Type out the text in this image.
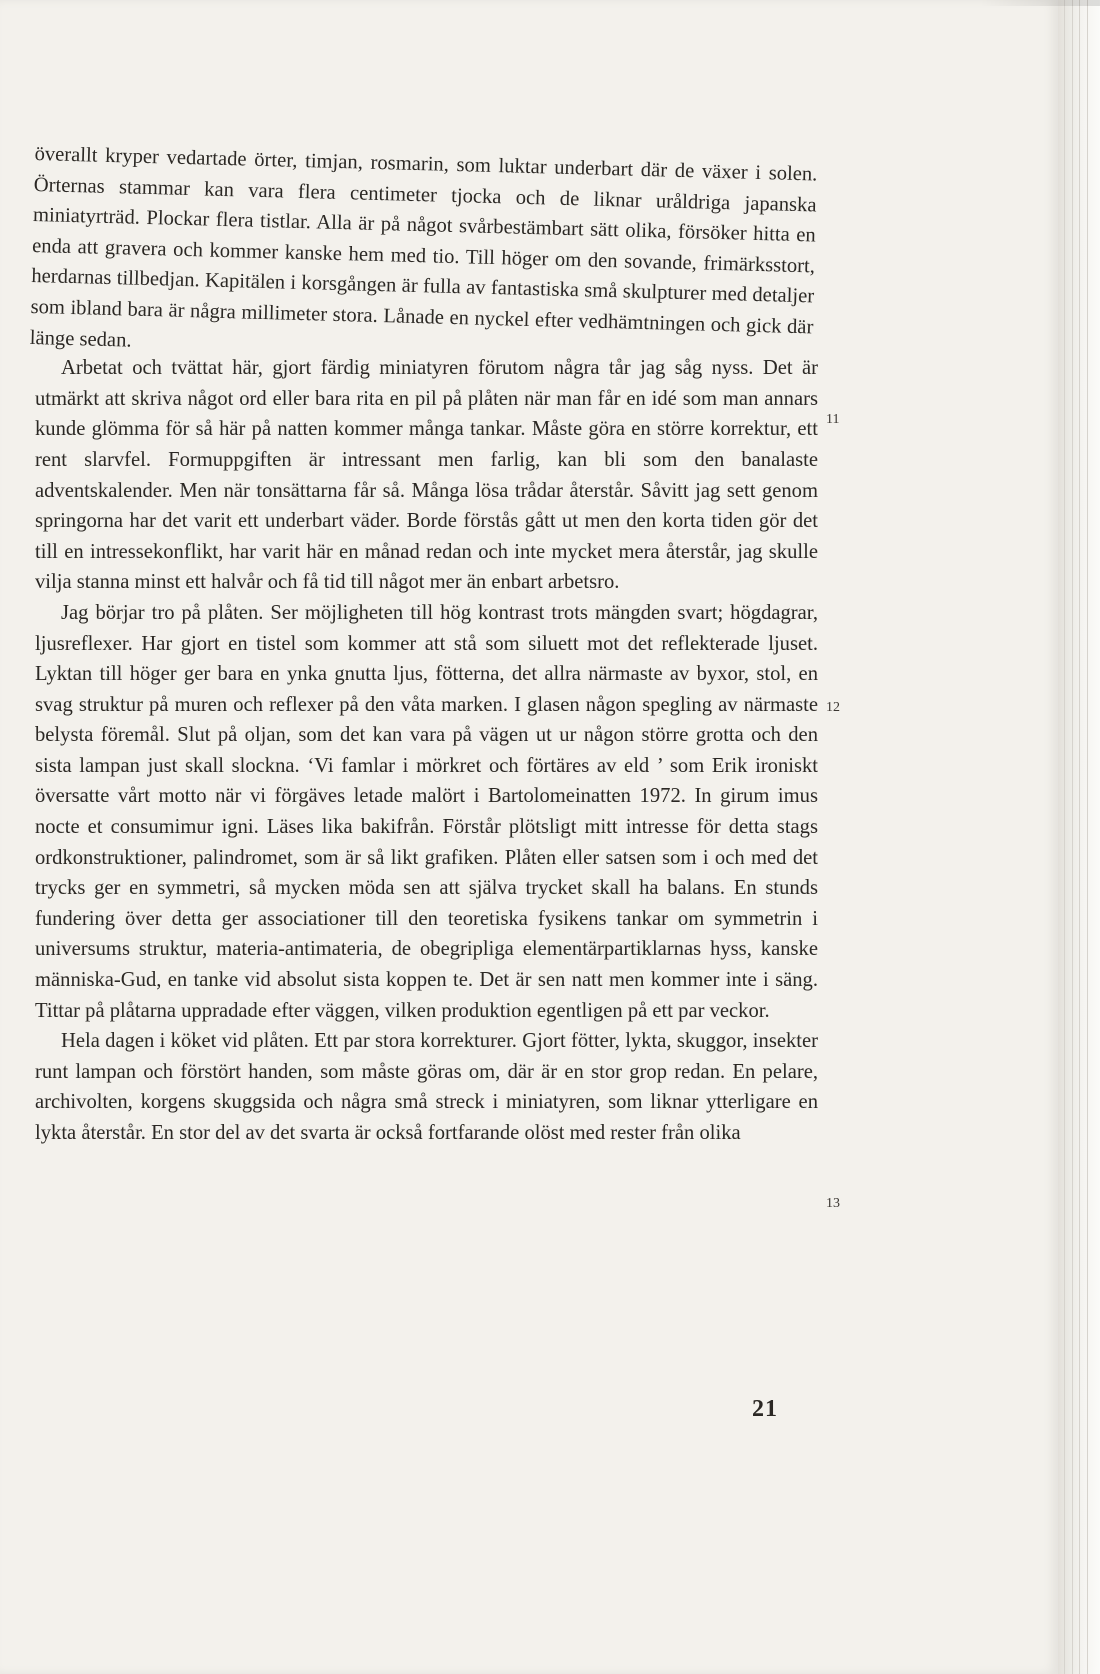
överallt kryper vedartade örter, timjan, rosmarin, som luktar underbart där de växer i solen. Örternas stammar kan vara flera centimeter tjocka och de liknar uråldriga japanska miniatyrträd. Plockar flera tistlar. Alla är på något svårbestämbart sätt olika, försöker hitta en enda att gravera och kommer kanske hem med tio. Till höger om den sovande, frimärksstort, herdarnas tillbedjan. Kapitälen i korsgången är fulla av fantastiska små skulpturer med detaljer som ibland bara är några millimeter stora. Lånade en nyckel efter vedhämtningen och gick där länge sedan.

Arbetat och tvättat här, gjort färdig miniatyren förutom några tår jag såg nyss. Det är utmärkt att skriva något ord eller bara rita en pil på plåten när man får en idé som man annars kunde glömma för så här på natten kommer många tankar. Måste göra en större korrektur, ett rent slarvfel. Formuppgiften är intressant men farlig, kan bli som den banalaste adventskalender. Men när tonsättarna får så. Många lösa trådar återstår. Såvitt jag sett genom springorna har det varit ett underbart väder. Borde förstås gått ut men den korta tiden gör det till en intressekonflikt, har varit här en månad redan och inte mycket mera återstår, jag skulle vilja stanna minst ett halvår och få tid till något mer än enbart arbetsro.

Jag börjar tro på plåten. Ser möjligheten till hög kontrast trots mängden svart; högdagrar, ljusreflexer. Har gjort en tistel som kommer att stå som siluett mot det reflekterade ljuset. Lyktan till höger ger bara en ynka gnutta ljus, fötterna, det allra närmaste av byxor, stol, en svag struktur på muren och reflexer på den våta marken. I glasen någon spegling av närmaste belysta föremål. Slut på oljan, som det kan vara på vägen ut ur någon större grotta och den sista lampan just skall slockna. ‘Vi famlar i mörkret och förtäres av eld ’ som Erik ironiskt översatte vårt motto när vi förgäves letade malört i Bartolomeinatten 1972. In girum imus nocte et consumimur igni. Läses lika bakifrån. Förstår plötsligt mitt intresse för detta stags ordkonstruktioner, palindromet, som är så likt grafiken. Plåten eller satsen som i och med det trycks ger en symmetri, så mycken möda sen att själva trycket skall ha balans. En stunds fundering över detta ger associationer till den teoretiska fysikens tankar om symmetrin i universums struktur, materia-antimateria, de obegripliga elementärpartiklarnas hyss, kanske människa-Gud, en tanke vid absolut sista koppen te. Det är sen natt men kommer inte i säng. Tittar på plåtarna uppradade efter väggen, vilken produktion egentligen på ett par veckor.

Hela dagen i köket vid plåten. Ett par stora korrekturer. Gjort fötter, lykta, skuggor, insekter runt lampan och förstört handen, som måste göras om, där är en stor grop redan. En pelare, archivolten, korgens skuggsida och några små streck i miniatyren, som liknar ytterligare en lykta återstår. En stor del av det svarta är också fortfarande olöst med rester från olika

11
12
13
21
